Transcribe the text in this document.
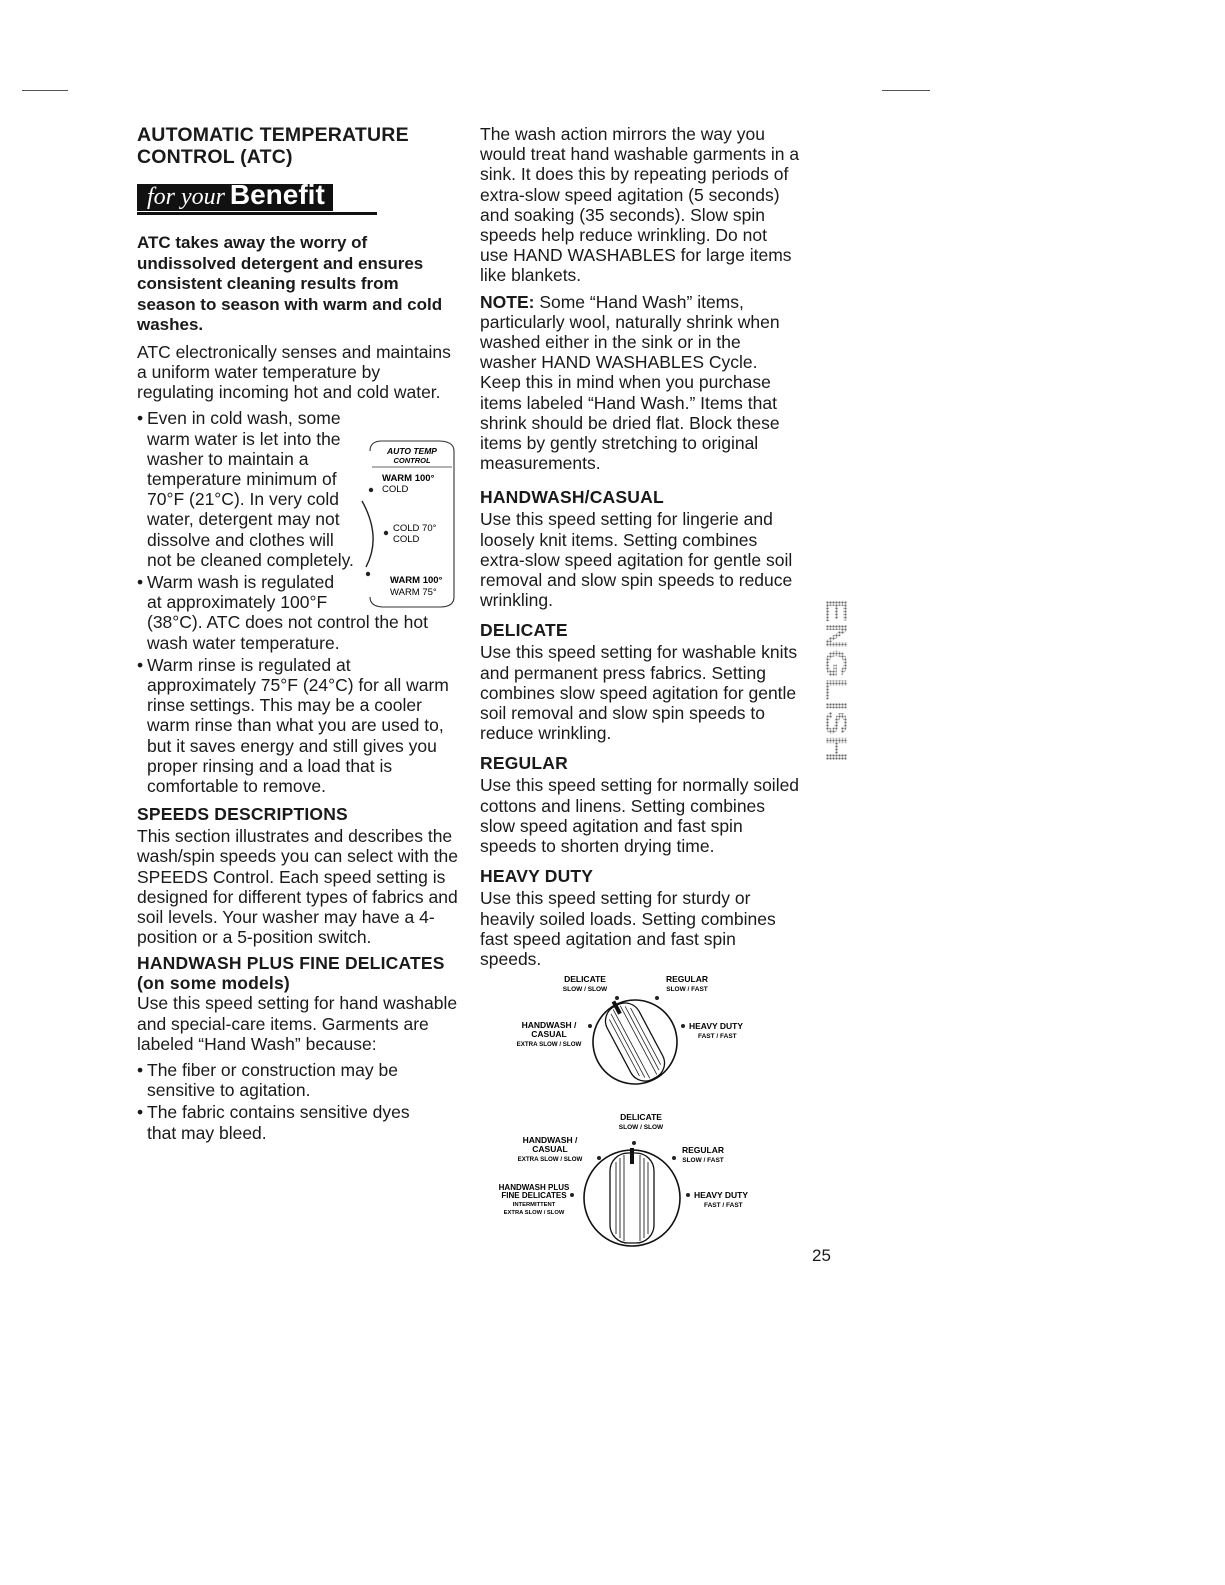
AUTOMATIC TEMPERATURE
CONTROL (ATC)
for your Benefit

ATC takes away the worry of undissolved detergent and ensures consistent cleaning results from season to season with warm and cold washes.

ATC electronically senses and maintains a uniform water temperature by regulating incoming hot and cold water.

• Even in cold wash, some
warm water is let into the
washer to maintain a
temperature minimum of
70°F (21°C). In very cold
water, detergent may not
dissolve and clothes will
not be cleaned completely.

• Warm wash is regulated
at approximately 100°F
(38°C). ATC does not control the hot
wash water temperature.

• Warm rinse is regulated at approximately 75°F (24°C) for all warm rinse settings. This may be a cooler warm rinse than what you are used to, but it saves energy and still gives you proper rinsing and a load that is comfortable to remove.
SPEEDS DESCRIPTIONS

This section illustrates and describes the wash/spin speeds you can select with the SPEEDS Control. Each speed setting is designed for different types of fabrics and soil levels. Your washer may have a 4-position or a 5-position switch.

HANDWASH PLUS FINE DELICATES
(on some models)

Use this speed setting for hand washable and special-care items. Garments are labeled “Hand Wash” because:

• The fiber or construction may be sensitive to agitation.
• The fabric contains sensitive dyes that may bleed.
AUTO TEMP
CONTROL
WARM 100°
COLD
COLD 70°
COLD
WARM 100°
WARM 75°

The wash action mirrors the way you would treat hand washable garments in a sink. It does this by repeating periods of extra-slow speed agitation (5 seconds) and soaking (35 seconds). Slow spin speeds help reduce wrinkling. Do not use HAND WASHABLES for large items like blankets.

NOTE: Some “Hand Wash” items, particularly wool, naturally shrink when washed either in the sink or in the washer HAND WASHABLES Cycle. Keep this in mind when you purchase items labeled “Hand Wash.” Items that shrink should be dried flat. Block these items by gently stretching to original measurements.

HANDWASH/CASUAL

Use this speed setting for lingerie and loosely knit items. Setting combines extra-slow speed agitation for gentle soil removal and slow spin speeds to reduce wrinkling.

DELICATE

Use this speed setting for washable knits and permanent press fabrics. Setting combines slow speed agitation for gentle soil removal and slow spin speeds to reduce wrinkling.

REGULAR

Use this speed setting for normally soiled cottons and linens. Setting combines slow speed agitation and fast spin speeds to shorten drying time.

HEAVY DUTY

Use this speed setting for sturdy or heavily soiled loads. Setting combines fast speed agitation and fast spin speeds.

DELICATE
SLOW / SLOW
REGULAR
SLOW / FAST
HANDWASH /
CASUAL
EXTRA SLOW / SLOW
HEAVY DUTY
FAST / FAST
DELICATE
SLOW / SLOW
HANDWASH /
CASUAL
EXTRA SLOW / SLOW
REGULAR
SLOW / FAST
HANDWASH PLUS
FINE DELICATES
INTERMITTENT
EXTRA SLOW / SLOW
HEAVY DUTY
FAST / FAST
ENGLISH
25
